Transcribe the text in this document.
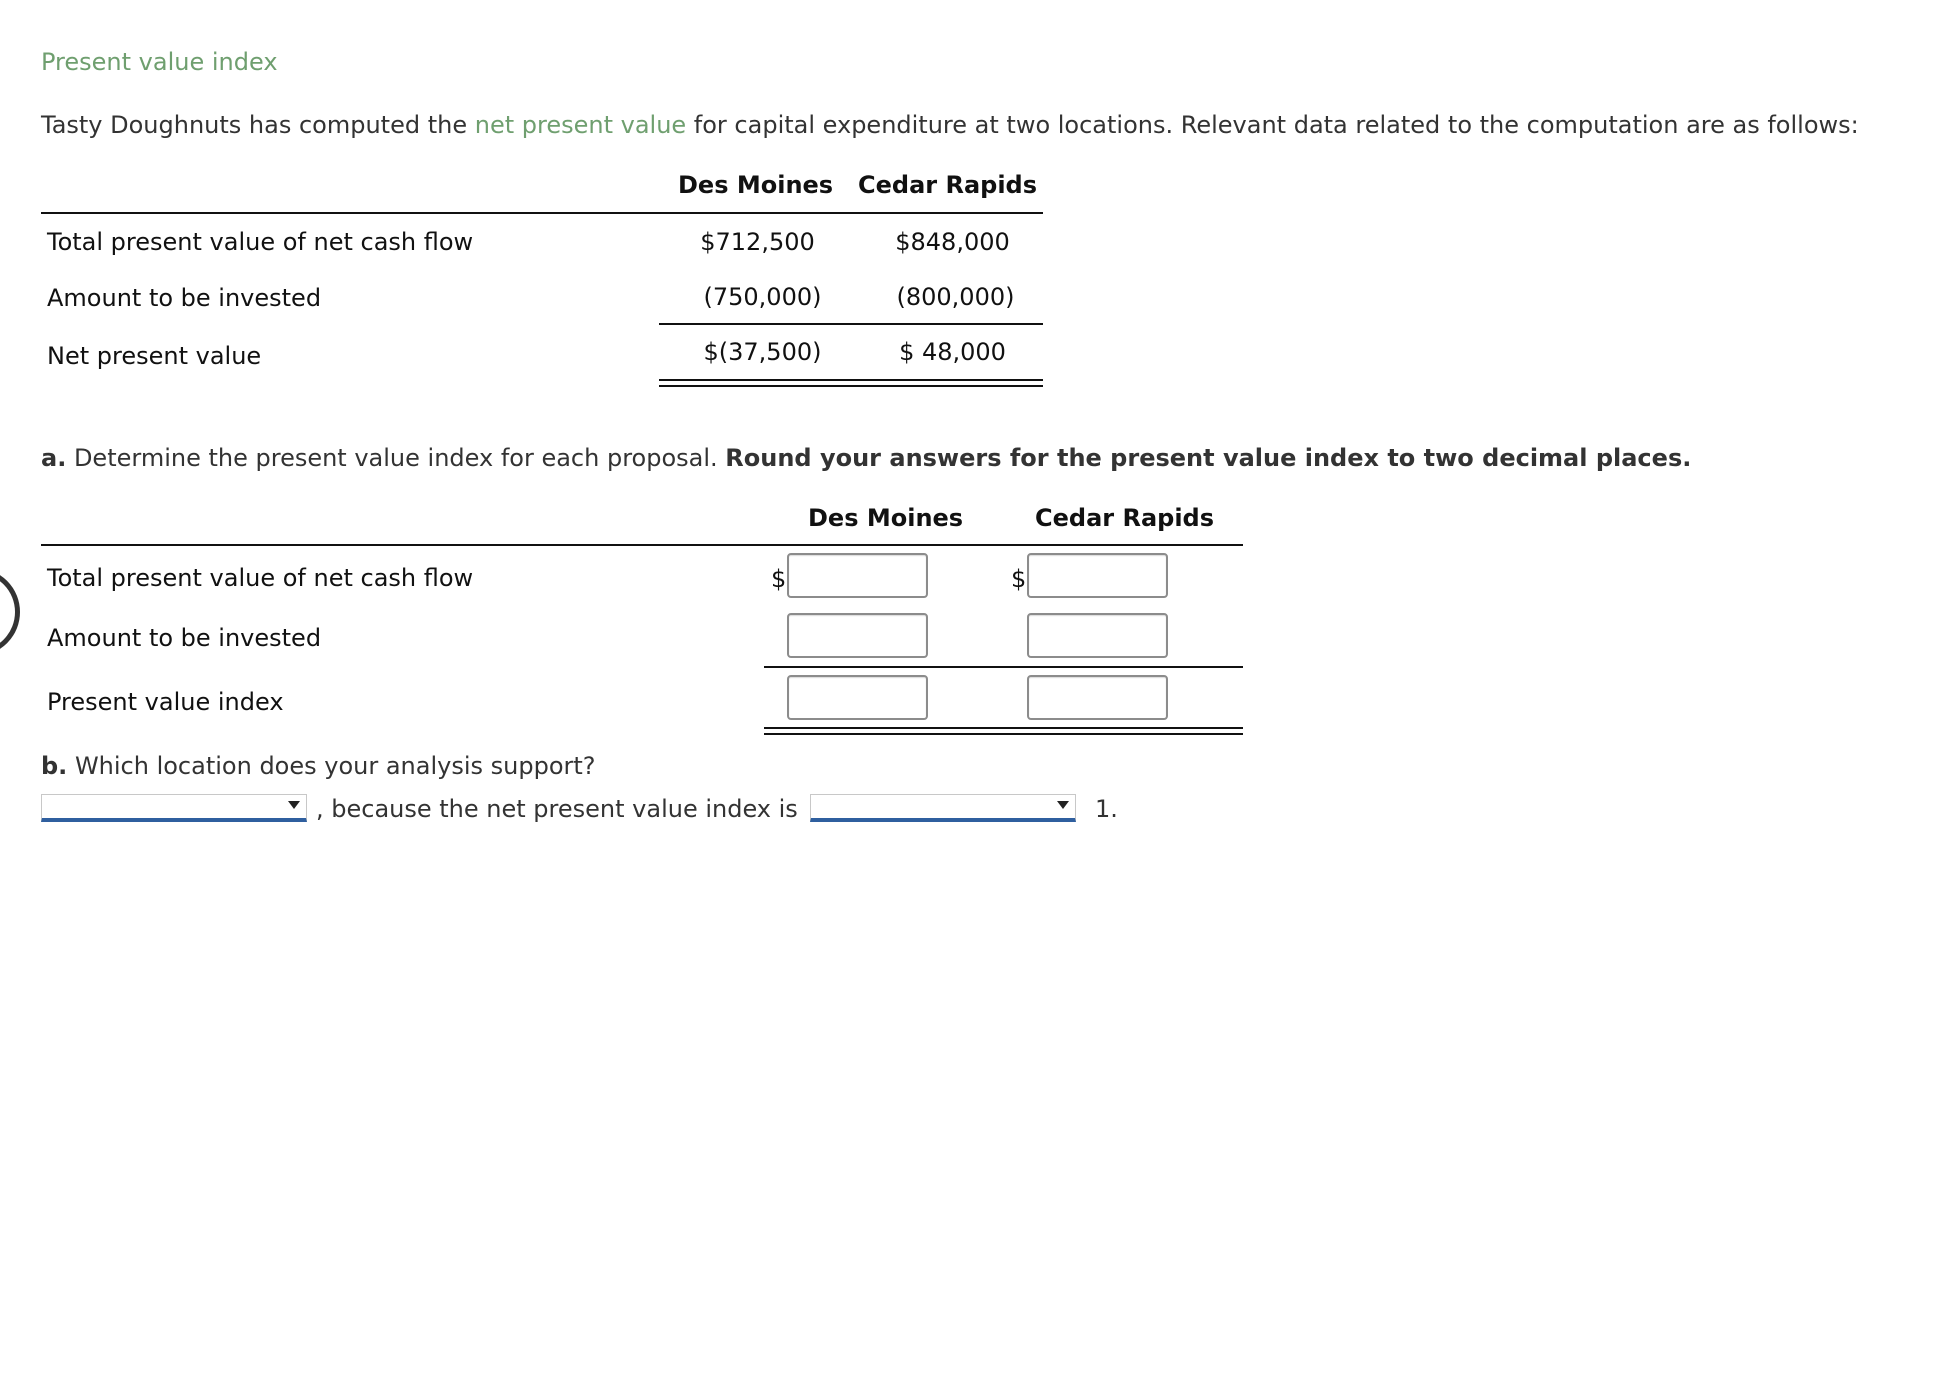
Present value index
Tasty Doughnuts has computed the net present value for capital expenditure at two locations. Relevant data related to the computation are as follows:
Des Moines Cedar Rapids
Total present value of net cash flow	$712,500	$848,000
Amount to be invested	(750,000)	(800,000)
Net present value	$(37,500)	$ 48,000
a. Determine the present value index for each proposal. Round your answers for the present value index to two decimal places.
Des Moines	Cedar Rapids
Total present value of net cash flow	$	$
Amount to be invested
Present value index
b. Which location does your analysis support?
, because the net present value index is	1.
